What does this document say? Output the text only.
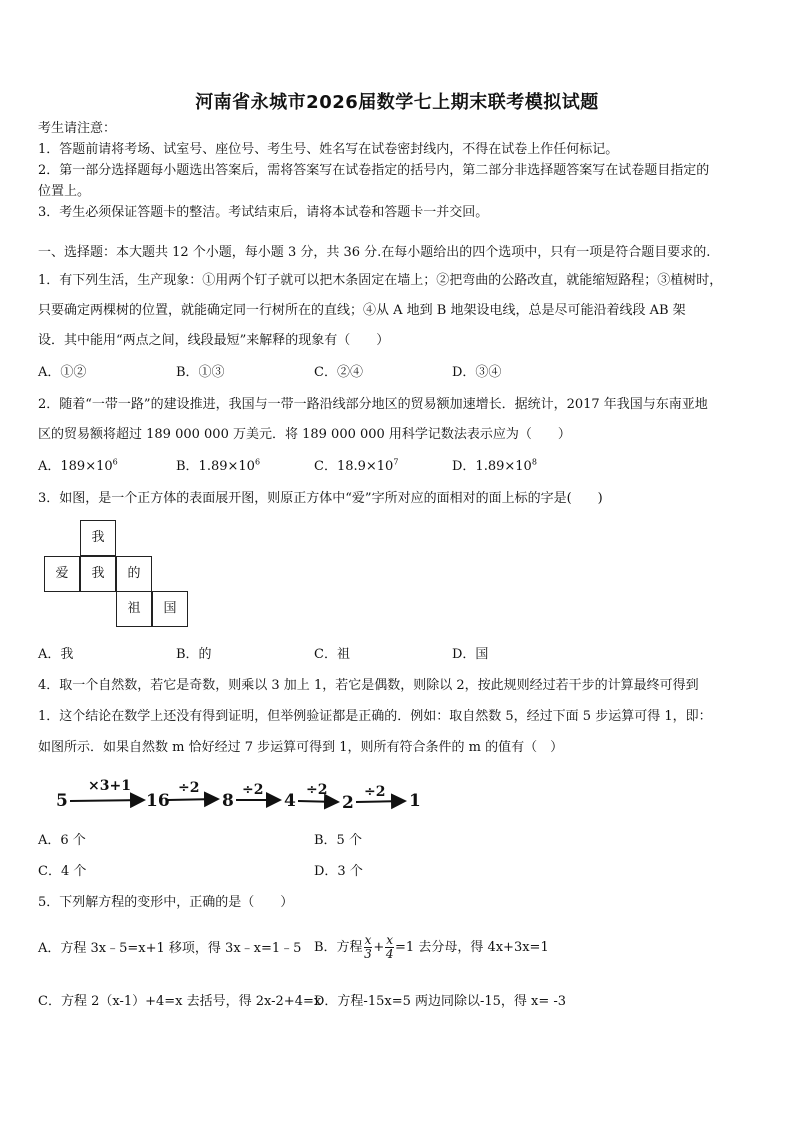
河南省永城市2026届数学七上期末联考模拟试题
考生请注意：
1．答题前请将考场、试室号、座位号、考生号、姓名写在试卷密封线内，不得在试卷上作任何标记。
2．第一部分选择题每小题选出答案后，需将答案写在试卷指定的括号内，第二部分非选择题答案写在试卷题目指定的
位置上。
3．考生必须保证答题卡的整洁。考试结束后，请将本试卷和答题卡一并交回。
一、选择题：本大题共 12 个小题，每小题 3 分，共 36 分.在每小题给出的四个选项中，只有一项是符合题目要求的.
1．有下列生活，生产现象：①用两个钉子就可以把木条固定在墙上；②把弯曲的公路改直，就能缩短路程；③植树时，
只要确定两棵树的位置，就能确定同一行树所在的直线；④从 A 地到 B 地架设电线，总是尽可能沿着线段 AB 架
设．其中能用“两点之间，线段最短”来解释的现象有（　　）
A．①②	B．①③	C．②④	D．③④
2．随着“一带一路”的建设推进，我国与一带一路沿线部分地区的贸易额加速增长．据统计，2017 年我国与东南亚地
区的贸易额将超过 189 000 000 万美元．将 189 000 000 用科学记数法表示应为（　　）
A．$189\times 10^6$	B．$1.89\times 10^6$	C．$18.9\times 10^7$	D．$1.89\times 10^8$
3．如图，是一个正方体的表面展开图，则原正方体中“爱”字所对应的面相对的面上标的字是(　　)
我
爱	我	的
祖	国
A．我	B．的	C．祖	D．国
4．取一个自然数，若它是奇数，则乘以 3 加上 1，若它是偶数，则除以 2，按此规则经过若干步的计算最终可得到
1．这个结论在数学上还没有得到证明，但举例验证都是正确的．例如：取自然数 5，经过下面 5 步运算可得 1，即：
如图所示．如果自然数 m 恰好经过 7 步运算可得到 1，则所有符合条件的 m 的值有（　）
5	16	8	4	2	1
×3+1	÷2	÷2	÷2	÷2
A．6 个	B．5 个
C．4 个	D．3 个
5．下列解方程的变形中，正确的是（　　）
A．方程 3x﹣5=x+1 移项，得 3x﹣x=1﹣5 B．方程 $\frac{x}{3} + \frac{x}{4} =1$ 去分母，得 4x+3x=1
C．方程 2（x-1）+4=x 去括号，得 2x-2+4=x
D．方程-15x=5 两边同除以-15，得 x= -3
